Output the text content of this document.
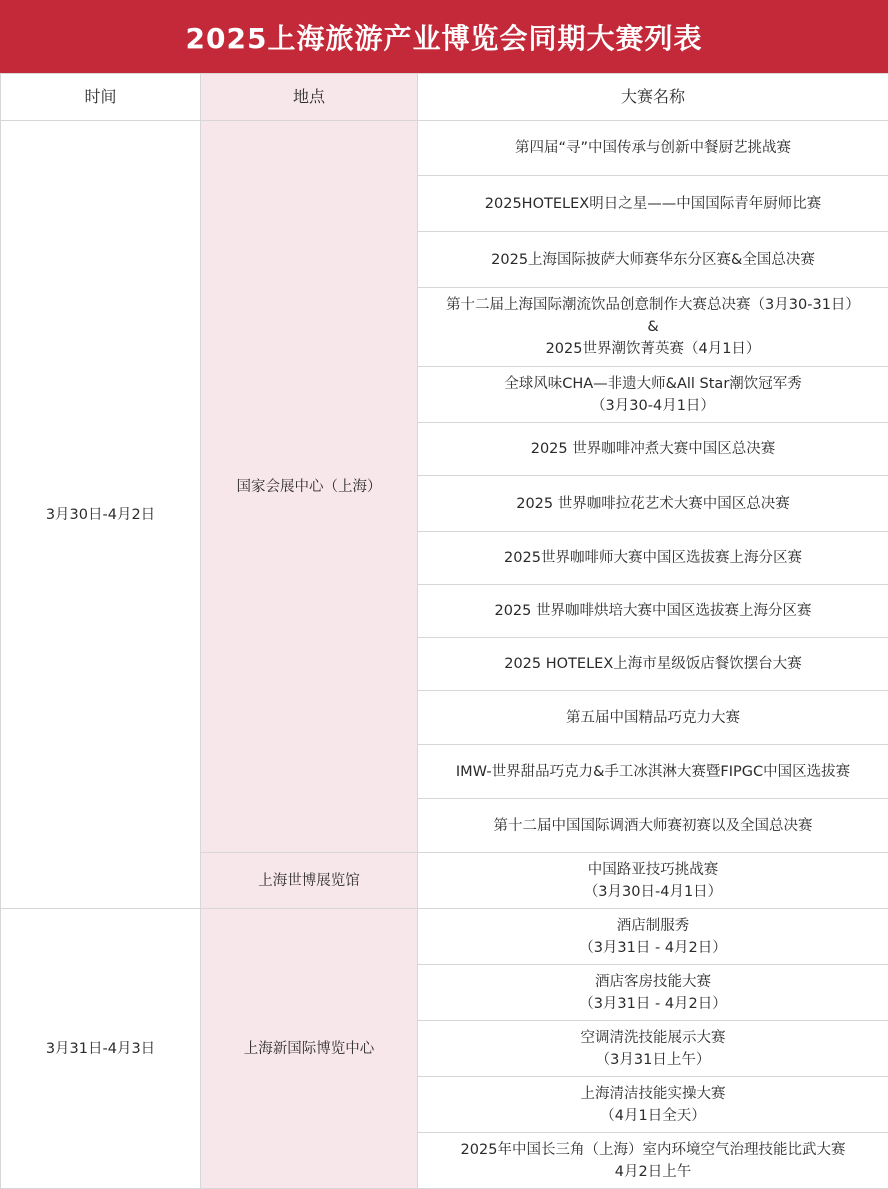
2025上海旅游产业博览会同期大赛列表
时间	地点	大赛名称
3月30日-4月2日	国家会展中心（上海）	第四届“寻”中国传承与创新中餐厨艺挑战赛

		2025HOTELEX明日之星——中国国际青年厨师比赛

		2025上海国际披萨大师赛华东分区赛&全国总决赛

		第十二届上海国际潮流饮品创意制作大赛总决赛（3月30-31日）
&
2025世界潮饮菁英赛（4月1日）

		全球风味CHA—非遗大师&All Star潮饮冠军秀
（3月30-4月1日）

		2025 世界咖啡冲煮大赛中国区总决赛

		2025 世界咖啡拉花艺术大赛中国区总决赛

		2025世界咖啡师大赛中国区选拔赛上海分区赛

		2025 世界咖啡烘培大赛中国区选拔赛上海分区赛

		2025 HOTELEX上海市星级饭店餐饮摆台大赛

		第五届中国精品巧克力大赛

		IMW-世界甜品巧克力&手工冰淇淋大赛暨FIPGC中国区选拔赛

		第十二届中国国际调酒大师赛初赛以及全国总决赛

	上海世博展览馆	中国路亚技巧挑战赛
（3月30日-4月1日）

3月31日-4月3日	上海新国际博览中心	酒店制服秀
（3月31日 - 4月2日）

		酒店客房技能大赛
（3月31日 - 4月2日）

		空调清洗技能展示大赛
（3月31日上午）

		上海清洁技能实操大赛
（4月1日全天）

		2025年中国长三角（上海）室内环境空气治理技能比武大赛
4月2日上午
